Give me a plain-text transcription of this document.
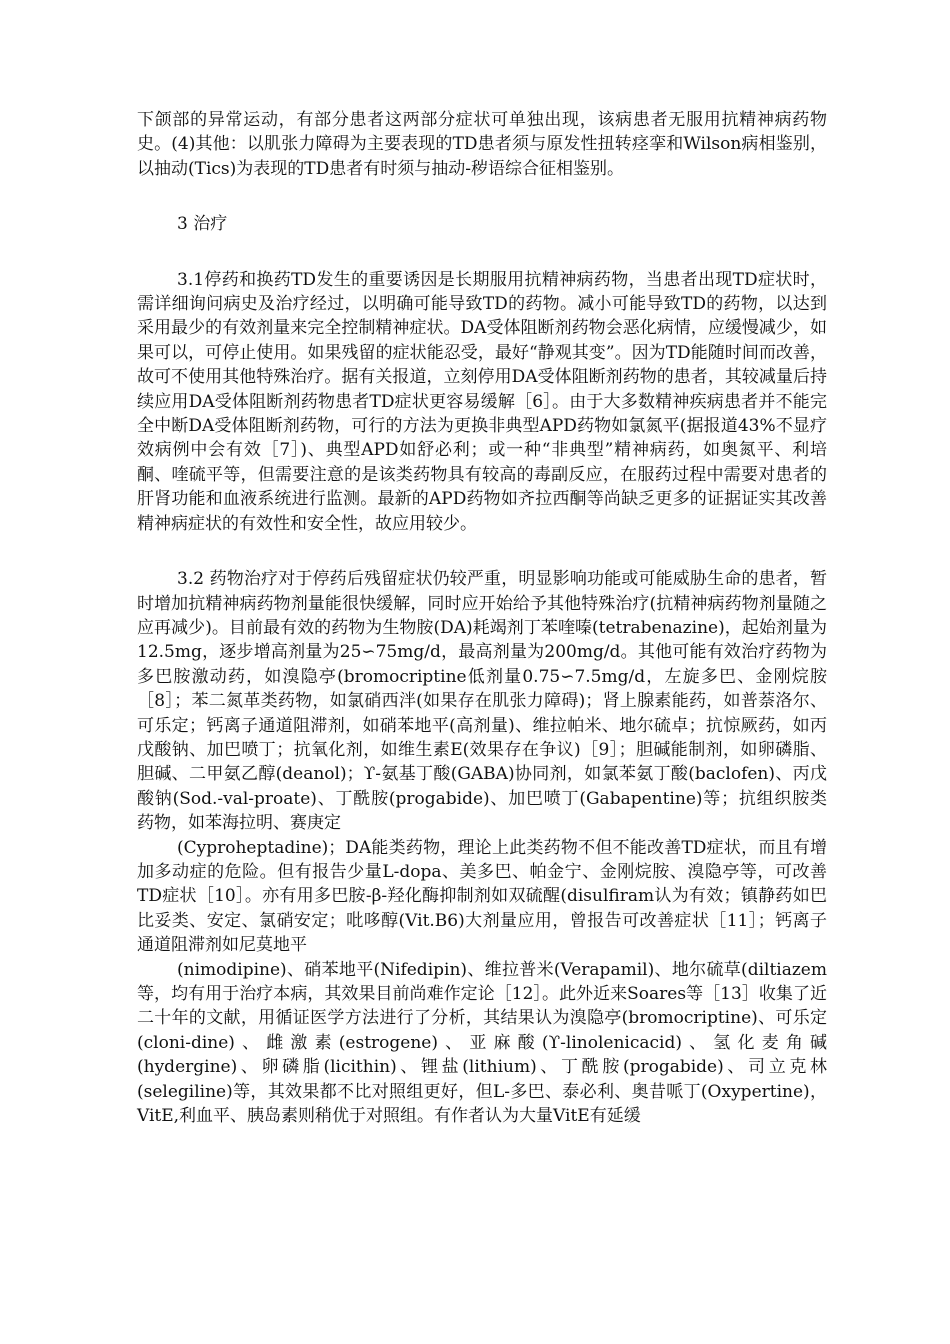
下颌部的异常运动，有部分患者这两部分症状可单独出现，该病患者无服用抗精神病药物史。(4)其他：以肌张力障碍为主要表现的TD患者须与原发性扭转痉挛和Wilson病相鉴别，以抽动(Tics)为表现的TD患者有时须与抽动-秽语综合征相鉴别。

3 治疗

3.1停药和换药TD发生的重要诱因是长期服用抗精神病药物，当患者出现TD症状时，需详细询问病史及治疗经过，以明确可能导致TD的药物。减小可能导致TD的药物，以达到采用最少的有效剂量来完全控制精神症状。DA受体阻断剂药物会恶化病情，应缓慢减少，如果可以，可停止使用。如果残留的症状能忍受，最好“静观其变”。因为TD能随时间而改善，故可不使用其他特殊治疗。据有关报道，立刻停用DA受体阻断剂药物的患者，其较减量后持续应用DA受体阻断剂药物患者TD症状更容易缓解［6］。由于大多数精神疾病患者并不能完全中断DA受体阻断剂药物，可行的方法为更换非典型APD药物如氯氮平(据报道43%不显疗效病例中会有效［7］)、典型APD如舒必利；或一种“非典型”精神病药，如奥氮平、利培酮、喹硫平等，但需要注意的是该类药物具有较高的毒副反应，在服药过程中需要对患者的肝肾功能和血液系统进行监测。最新的APD药物如齐拉西酮等尚缺乏更多的证据证实其改善精神病症状的有效性和安全性，故应用较少。

3.2 药物治疗对于停药后残留症状仍较严重，明显影响功能或可能威胁生命的患者，暂时增加抗精神病药物剂量能很快缓解，同时应开始给予其他特殊治疗(抗精神病药物剂量随之应再减少)。目前最有效的药物为生物胺(DA)耗竭剂丁苯喹嗪(tetrabenazine)，起始剂量为12.5mg，逐步增高剂量为25∽75mg/d，最高剂量为200mg/d。其他可能有效治疗药物为多巴胺激动药，如溴隐亭(bromocriptine低剂量0.75∽7.5mg/d，左旋多巴、金刚烷胺［8］；苯二氮革类药物，如氯硝西泮(如果存在肌张力障碍)；肾上腺素能药，如普萘洛尔、可乐定；钙离子通道阻滞剂，如硝苯地平(高剂量)、维拉帕米、地尔硫卓；抗惊厥药，如丙戊酸钠、加巴喷丁；抗氧化剂，如维生素E(效果存在争议)［9］；胆碱能制剂，如卵磷脂、胆碱、二甲氨乙醇(deanol)；ϒ-氨基丁酸(GABA)协同剂，如氯苯氨丁酸(baclofen)、丙戊酸钠(Sod.-val-proate)、丁酰胺(progabide)、加巴喷丁(Gabapentine)等；抗组织胺类药物，如苯海拉明、赛庚定

(Cyproheptadine)；DA能类药物，理论上此类药物不但不能改善TD症状，而且有增加多动症的危险。但有报告少量L-dopa、美多巴、帕金宁、金刚烷胺、溴隐亭等，可改善TD症状［10］。亦有用多巴胺-β-羟化酶抑制剂如双硫醒(disulfiram认为有效；镇静药如巴比妥类、安定、氯硝安定；吡哆醇(Vit.B6)大剂量应用，曾报告可改善症状［11］；钙离子通道阻滞剂如尼莫地平

(nimodipine)、硝苯地平(Nifedipin)、维拉普米(Verapamil)、地尔硫草(diltiazem等，均有用于治疗本病，其效果目前尚难作定论［12］。此外近来Soares等［13］收集了近二十年的文献，用循证医学方法进行了分析，其结果认为溴隐亭(bromocriptine)、可乐定(cloni-dine)、雌激素(estrogene)、亚麻酸(ϒ-linolenicacid)、氢化麦角碱(hydergine)、卵磷脂(licithin)、锂盐(lithium)、丁酰胺(progabide)、司立克林(selegiline)等，其效果都不比对照组更好，但L-多巴、泰必利、奥昔哌丁(Oxypertine)，VitE,利血平、胰岛素则稍优于对照组。有作者认为大量VitE有延缓
